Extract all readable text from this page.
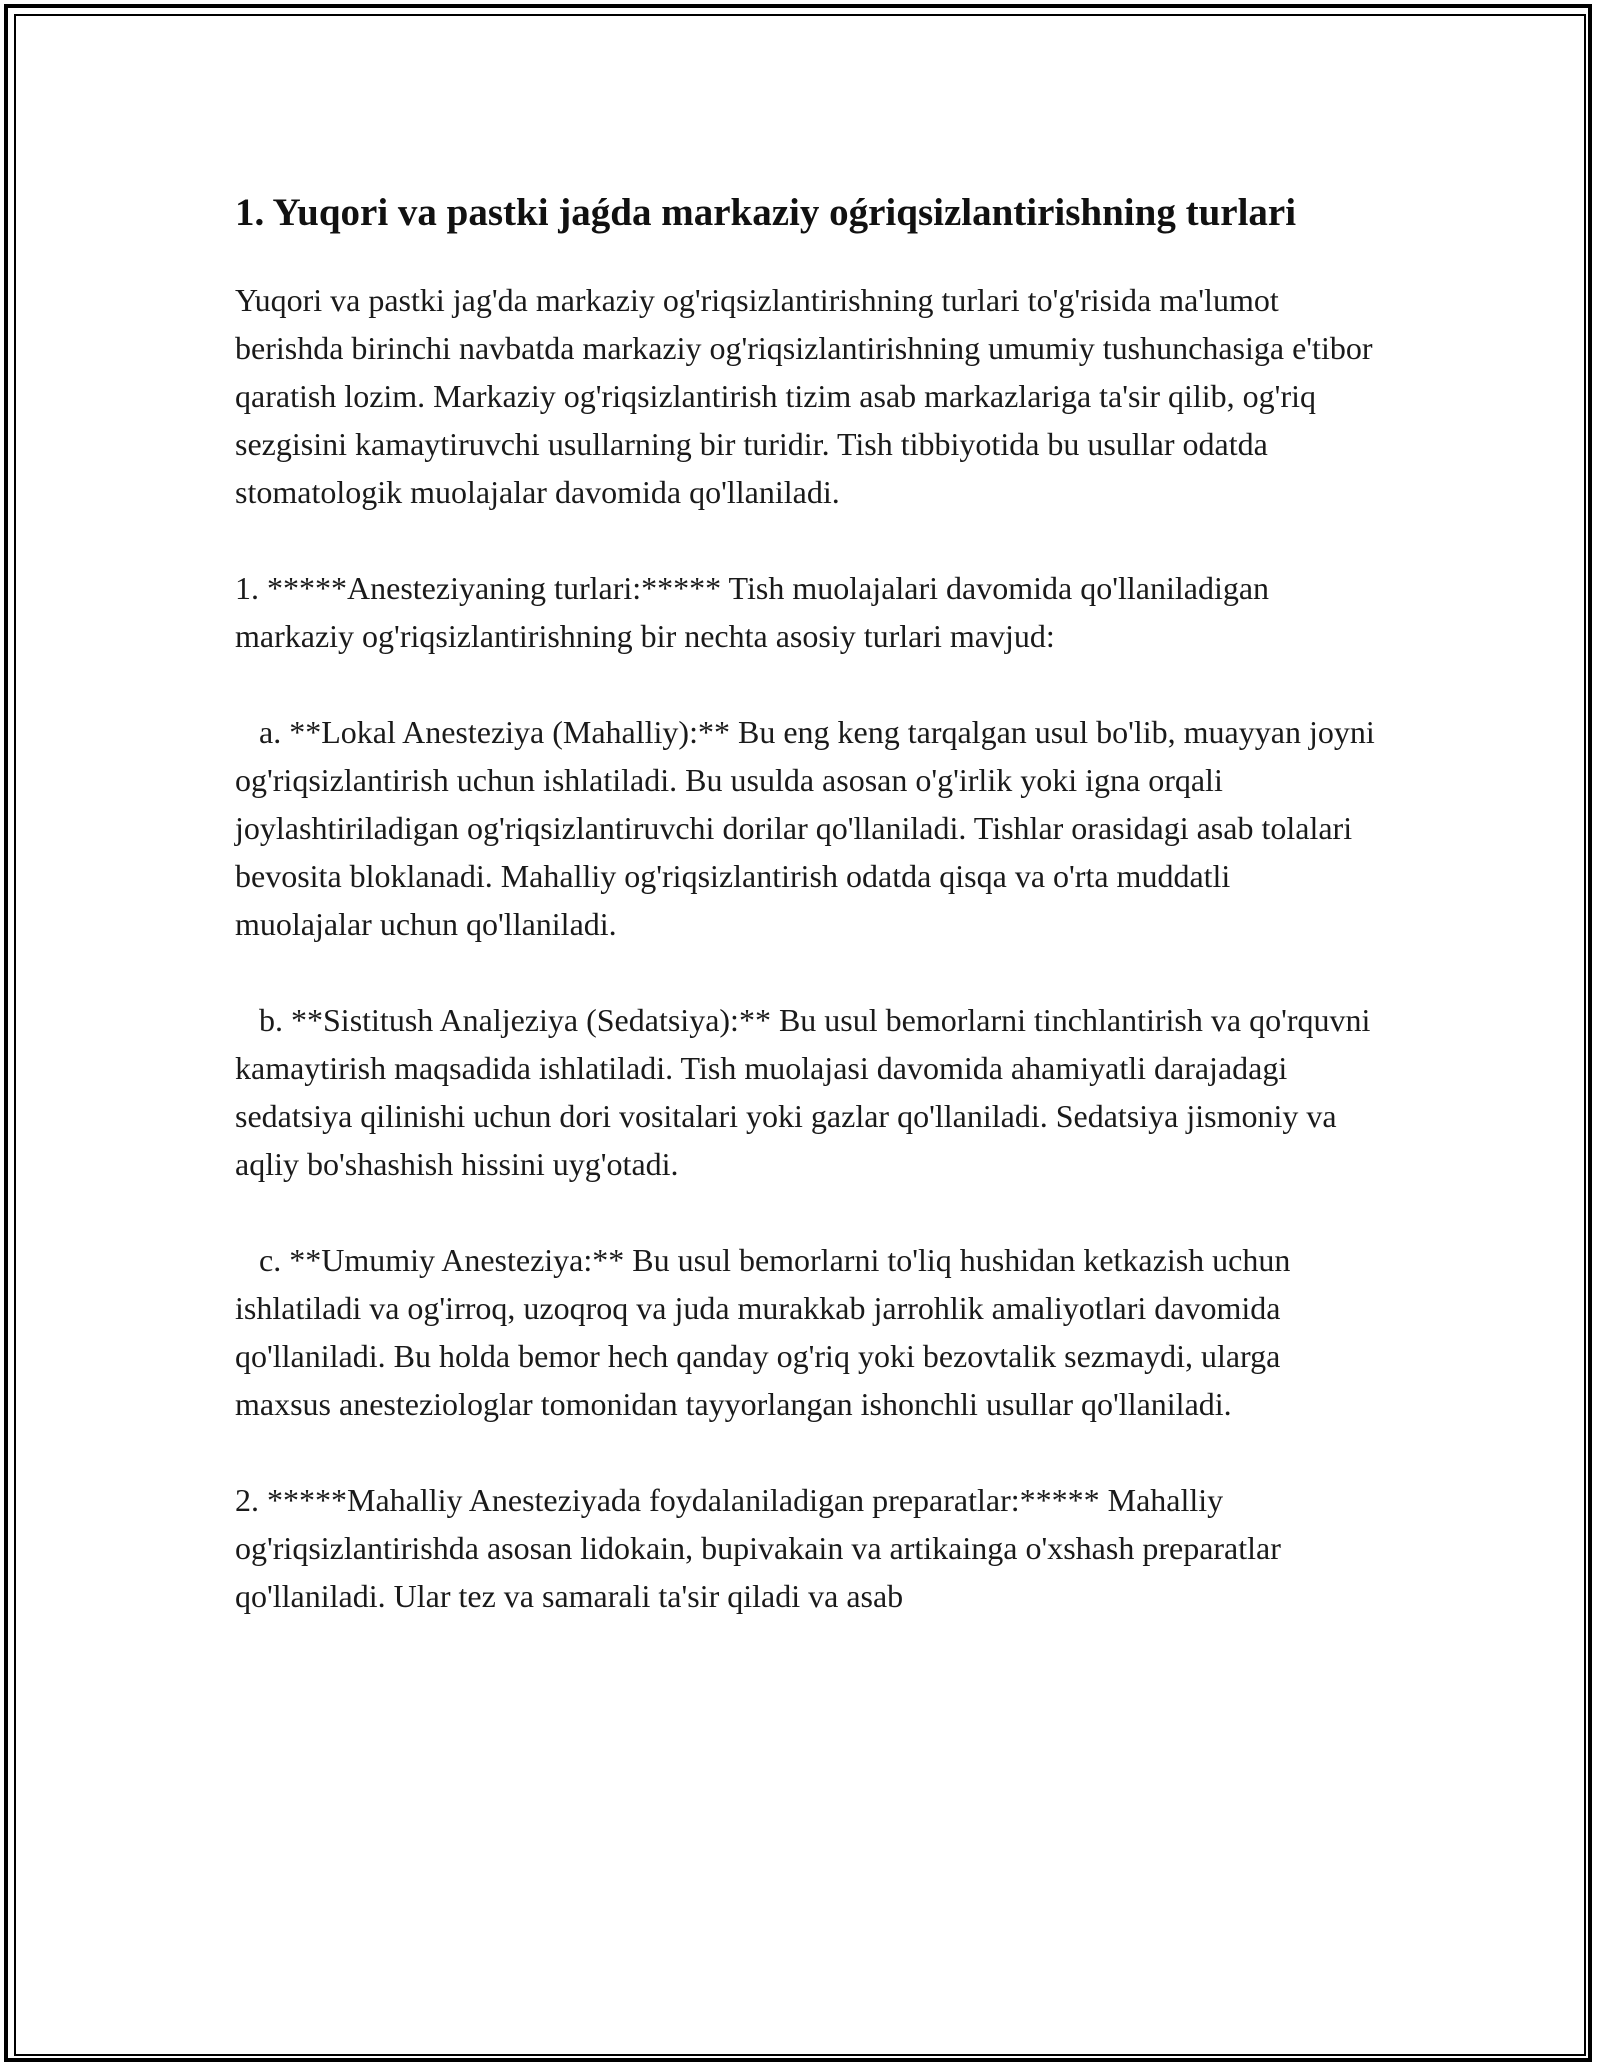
1. Yuqori va pastki jaǵda markaziy oǵriqsizlantirishning turlari

Yuqori va pastki jag'da markaziy og'riqsizlantirishning turlari to'g'risida ma'lumot berishda birinchi navbatda markaziy og'riqsizlantirishning umumiy tushunchasiga e'tibor qaratish lozim. Markaziy og'riqsizlantirish tizim asab markazlariga ta'sir qilib, og'riq sezgisini kamaytiruvchi usullarning bir turidir. Tish tibbiyotida bu usullar odatda stomatologik muolajalar davomida qo'llaniladi.

1. *****Anesteziyaning turlari:***** Tish muolajalari davomida qo'llaniladigan markaziy og'riqsizlantirishning bir nechta asosiy turlari mavjud:

a. **Lokal Anesteziya (Mahalliy):** Bu eng keng tarqalgan usul bo'lib, muayyan joyni og'riqsizlantirish uchun ishlatiladi. Bu usulda asosan o'g'irlik yoki igna orqali joylashtiriladigan og'riqsizlantiruvchi dorilar qo'llaniladi. Tishlar orasidagi asab tolalari bevosita bloklanadi. Mahalliy og'riqsizlantirish odatda qisqa va o'rta muddatli muolajalar uchun qo'llaniladi.

b. **Sistitush Analjeziya (Sedatsiya):** Bu usul bemorlarni tinchlantirish va qo'rquvni kamaytirish maqsadida ishlatiladi. Tish muolajasi davomida ahamiyatli darajadagi sedatsiya qilinishi uchun dori vositalari yoki gazlar qo'llaniladi. Sedatsiya jismoniy va aqliy bo'shashish hissini uyg'otadi.

c. **Umumiy Anesteziya:** Bu usul bemorlarni to'liq hushidan ketkazish uchun ishlatiladi va og'irroq, uzoqroq va juda murakkab jarrohlik amaliyotlari davomida qo'llaniladi. Bu holda bemor hech qanday og'riq yoki bezovtalik sezmaydi, ularga maxsus anesteziologlar tomonidan tayyorlangan ishonchli usullar qo'llaniladi.

2. *****Mahalliy Anesteziyada foydalaniladigan preparatlar:***** Mahalliy og'riqsizlantirishda asosan lidokain, bupivakain va artikainga o'xshash preparatlar qo'llaniladi. Ular tez va samarali ta'sir qiladi va asab
